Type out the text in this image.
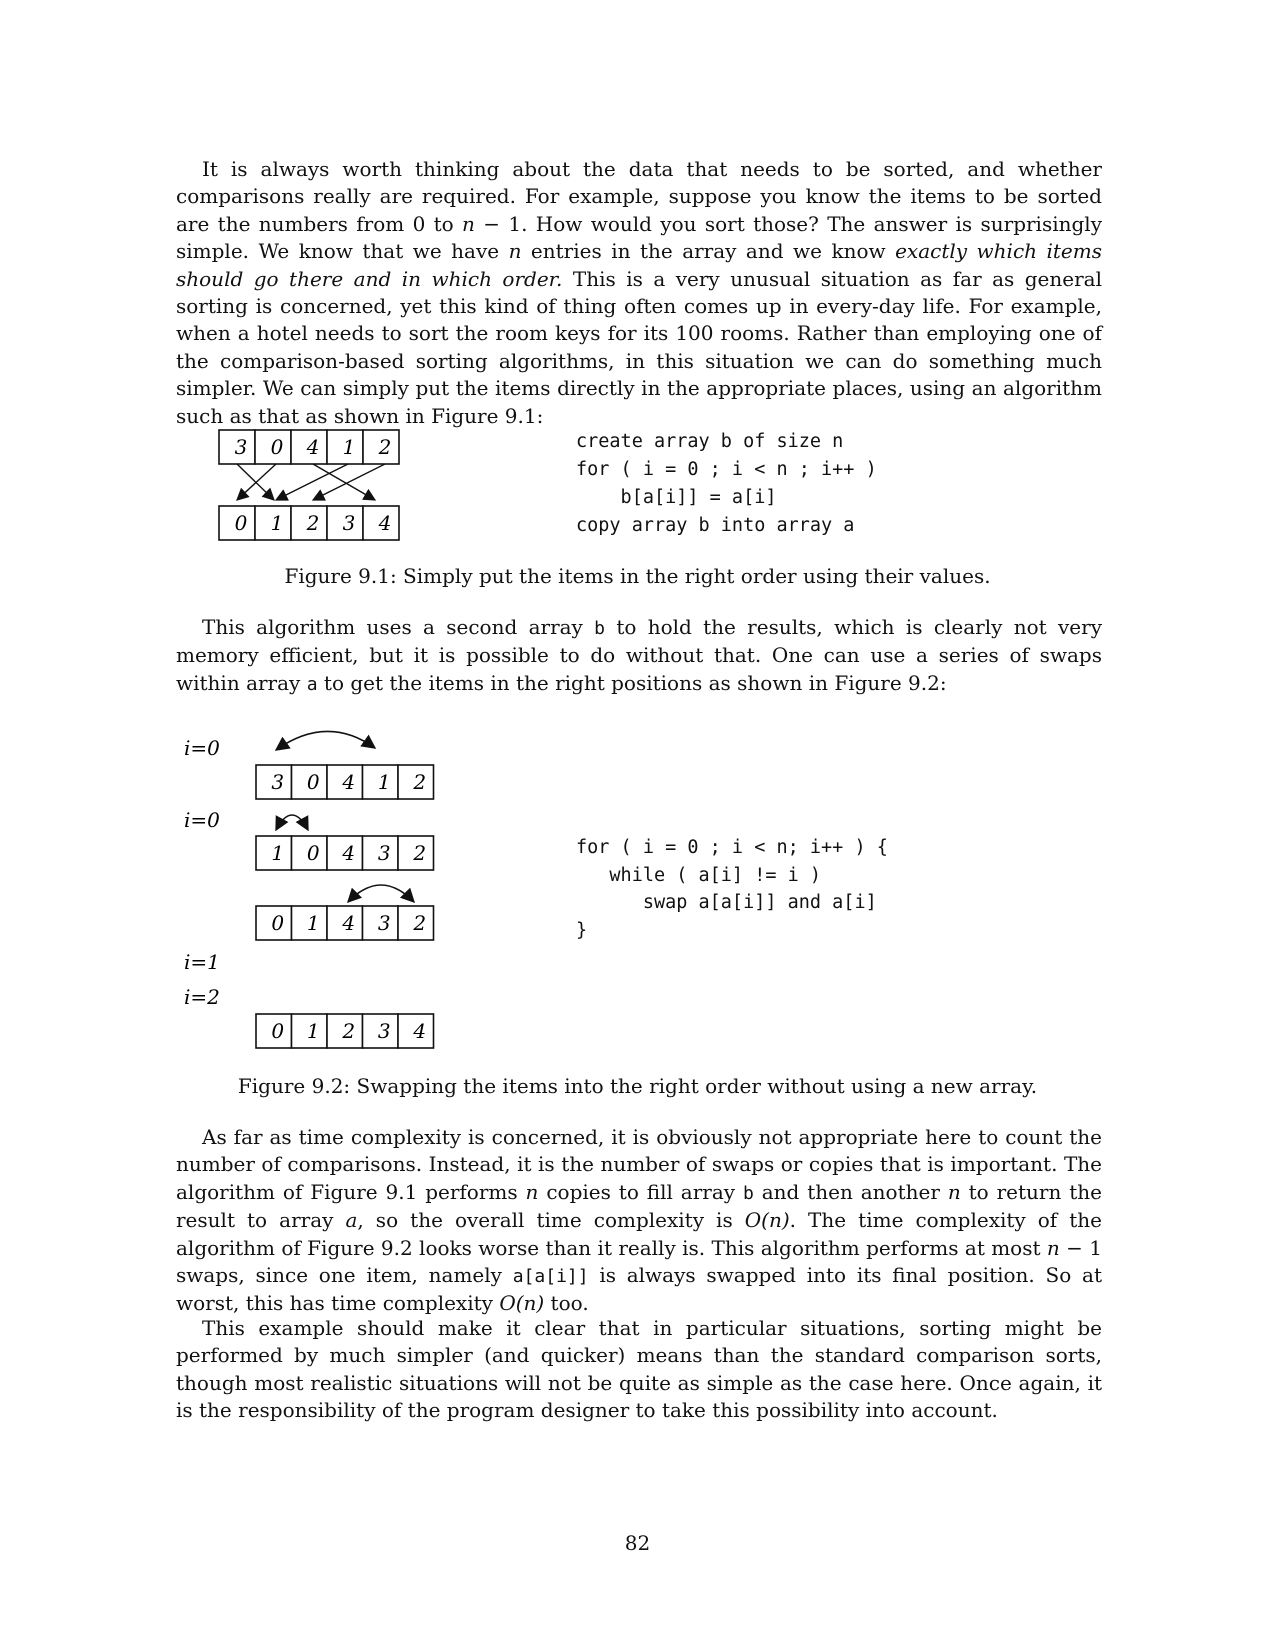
It is always worth thinking about the data that needs to be sorted, and whether comparisons really are required. For example, suppose you know the items to be sorted are the numbers from 0 to n − 1. How would you sort those? The answer is surprisingly simple. We know that we have n entries in the array and we know exactly which items should go there and in which order. This is a very unusual situation as far as general sorting is concerned, yet this kind of thing often comes up in every-day life. For example, when a hotel needs to sort the room keys for its 100 rooms. Rather than employing one of the comparison-based sorting algorithms, in this situation we can do something much simpler. We can simply put the items directly in the appropriate places, using an algorithm such as that as shown in Figure 9.1:

3 0 4 1 2
0 1 2 3 4
create array b of size n
for ( i = 0 ; i < n ; i++ )
b[a[i]] = a[i]
copy array b into array a

Figure 9.1: Simply put the items in the right order using their values.

This algorithm uses a second array b to hold the results, which is clearly not very memory efficient, but it is possible to do without that. One can use a series of swaps within array a to get the items in the right positions as shown in Figure 9.2:

i=0
i=0
i=1
i=2
3 0 4 1 2
1 0 4 3 2
0 1 4 3 2
0 1 2 3 4
for ( i = 0 ; i < n; i++ ) {
while ( a[i] != i )
swap a[a[i]] and a[i]
}

Figure 9.2: Swapping the items into the right order without using a new array.

As far as time complexity is concerned, it is obviously not appropriate here to count the number of comparisons. Instead, it is the number of swaps or copies that is important. The algorithm of Figure 9.1 performs n copies to fill array b and then another n to return the result to array a, so the overall time complexity is O(n). The time complexity of the algorithm of Figure 9.2 looks worse than it really is. This algorithm performs at most n − 1 swaps, since one item, namely a[a[i]] is always swapped into its final position. So at worst, this has time complexity O(n) too.

This example should make it clear that in particular situations, sorting might be performed by much simpler (and quicker) means than the standard comparison sorts, though most realistic situations will not be quite as simple as the case here. Once again, it is the responsibility of the program designer to take this possibility into account.

82
